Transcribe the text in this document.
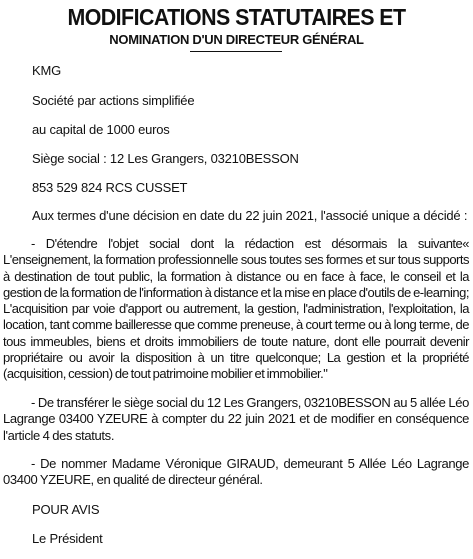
MODIFICATIONS STATUTAIRES ET
NOMINATION D'UN DIRECTEUR GÉNÉRAL
KMG
Société par actions simplifiée
au capital de 1000 euros
Siège social : 12 Les Grangers, 03210BESSON
853 529 824 RCS CUSSET
Aux termes d'une décision en date du 22 juin 2021, l'associé unique a décidé :
- D'étendre l'objet social dont la rédaction est désormais la suivante« L'enseignement, la formation professionnelle sous toutes ses formes et sur tous supports à destination de tout public, la formation à distance ou en face à face, le conseil et la gestion de la formation de l'information à distance et la mise en place d'outils de e-learning; L'acquisition par voie d'apport ou autrement, la gestion, l'administration, l'exploitation, la location, tant comme bailleresse que comme preneuse, à court terme ou à long terme, de tous immeubles, biens et droits immobiliers de toute nature, dont elle pourrait devenir propriétaire ou avoir la disposition à un titre quelconque; La gestion et la propriété (acquisition, cession) de tout patrimoine mobilier et immobilier."
- De transférer le siège social du 12 Les Grangers, 03210BESSON au 5 allée Léo Lagrange 03400 YZEURE à compter du 22 juin 2021 et de modifier en conséquence l'article 4 des statuts.
- De nommer Madame Véronique GIRAUD, demeurant 5 Allée Léo Lagrange 03400 YZEURE, en qualité de directeur général.
POUR AVIS
Le Président
